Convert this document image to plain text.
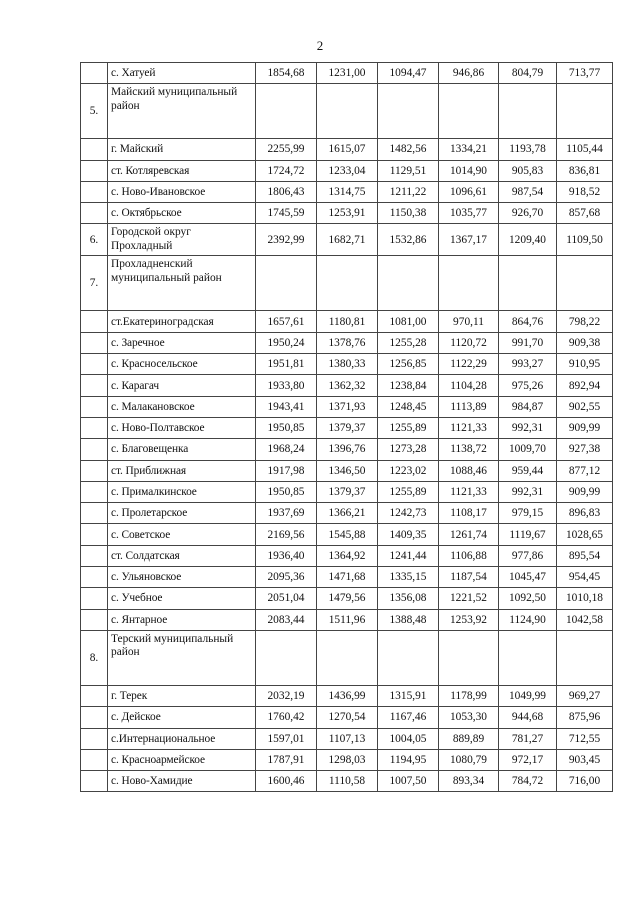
2
	с. Хатуей	1854,68	1231,00	1094,47	946,86	804,79	713,77
5.	Майский муниципальный район						
	г. Майский	2255,99	1615,07	1482,56	1334,21	1193,78	1105,44
	ст. Котляревская	1724,72	1233,04	1129,51	1014,90	905,83	836,81
	с. Ново-Ивановское	1806,43	1314,75	1211,22	1096,61	987,54	918,52
	с. Октябрьское	1745,59	1253,91	1150,38	1035,77	926,70	857,68
6.	Городской округ Прохладный	2392,99	1682,71	1532,86	1367,17	1209,40	1109,50
7.	Прохладненский муниципальный район						
	ст.Екатериноградская	1657,61	1180,81	1081,00	970,11	864,76	798,22
	с. Заречное	1950,24	1378,76	1255,28	1120,72	991,70	909,38
	с. Красносельское	1951,81	1380,33	1256,85	1122,29	993,27	910,95
	с. Карагач	1933,80	1362,32	1238,84	1104,28	975,26	892,94
	с. Малакановское	1943,41	1371,93	1248,45	1113,89	984,87	902,55
	с. Ново-Полтавское	1950,85	1379,37	1255,89	1121,33	992,31	909,99
	с. Благовещенка	1968,24	1396,76	1273,28	1138,72	1009,70	927,38
	ст. Приближная	1917,98	1346,50	1223,02	1088,46	959,44	877,12
	с. Прималкинское	1950,85	1379,37	1255,89	1121,33	992,31	909,99
	с. Пролетарское	1937,69	1366,21	1242,73	1108,17	979,15	896,83
	с. Советское	2169,56	1545,88	1409,35	1261,74	1119,67	1028,65
	ст. Солдатская	1936,40	1364,92	1241,44	1106,88	977,86	895,54
	с. Ульяновское	2095,36	1471,68	1335,15	1187,54	1045,47	954,45
	с. Учебное	2051,04	1479,56	1356,08	1221,52	1092,50	1010,18
	с. Янтарное	2083,44	1511,96	1388,48	1253,92	1124,90	1042,58
8.	Терский муниципальный район						
	г. Терек	2032,19	1436,99	1315,91	1178,99	1049,99	969,27
	с. Дейское	1760,42	1270,54	1167,46	1053,30	944,68	875,96
	с.Интернациональное	1597,01	1107,13	1004,05	889,89	781,27	712,55
	с. Красноармейское	1787,91	1298,03	1194,95	1080,79	972,17	903,45
	с. Ново-Хамидие	1600,46	1110,58	1007,50	893,34	784,72	716,00
